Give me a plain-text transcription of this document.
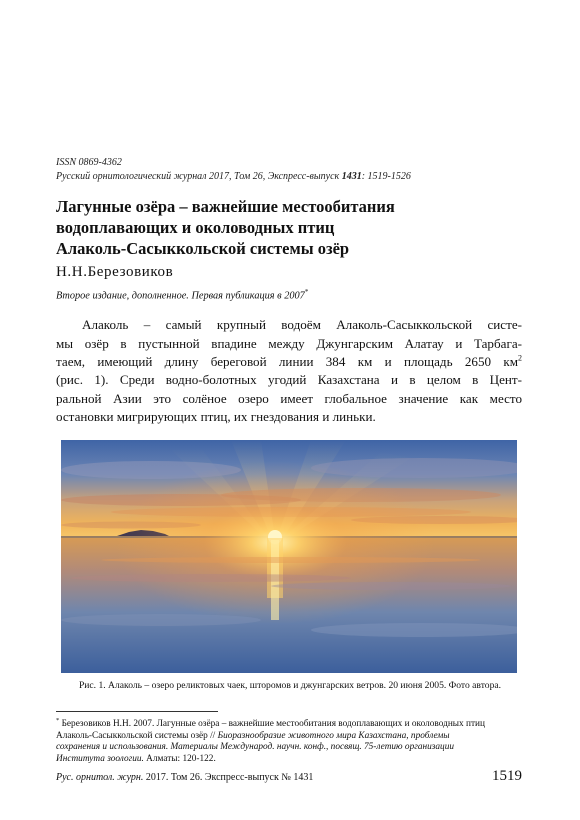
ISSN 0869-4362
Русский орнитологический журнал 2017, Том 26, Экспресс-выпуск 1431: 1519-1526
Лагунные озёра – важнейшие местообитания
водоплавающих и околоводных птиц
Алаколь-Сасыккольской системы озёр
Н.Н.Березовиков
Второе издание, дополненное. Первая публикация в 2007*
Алаколь – самый крупный водоём Алаколь-Сасыккольской систе-
мы озёр в пустынной впадине между Джунгарским Алатау и Тарбага-
таем, имеющий длину береговой линии 384 км и площадь 2650 $км^2$
(рис. 1). Среди водно-болотных угодий Казахстана и в целом в Цент-
ральной Азии это солёное озеро имеет глобальное значение как место
остановки мигрирующих птиц, их гнездования и линьки.
Рис. 1. Алаколь – озеро реликтовых чаек, шторомов и джунгарских ветров. 20 июня 2005. Фото автора.
* Березовиков Н.Н. 2007. Лагунные озёра – важнейшие местообитания водоплавающих и околоводных птиц
Алаколь-Сасыккольской системы озёр // Биоразнообразие животного мира Казахстана, проблемы
сохранения и использования. Материалы Международ. научн. конф., посвящ. 75-летию организации
Института зоологии. Алматы: 120-122.
Рус. орнитол. журн. 2017. Том 26. Экспресс-выпуск № 1431	1519
